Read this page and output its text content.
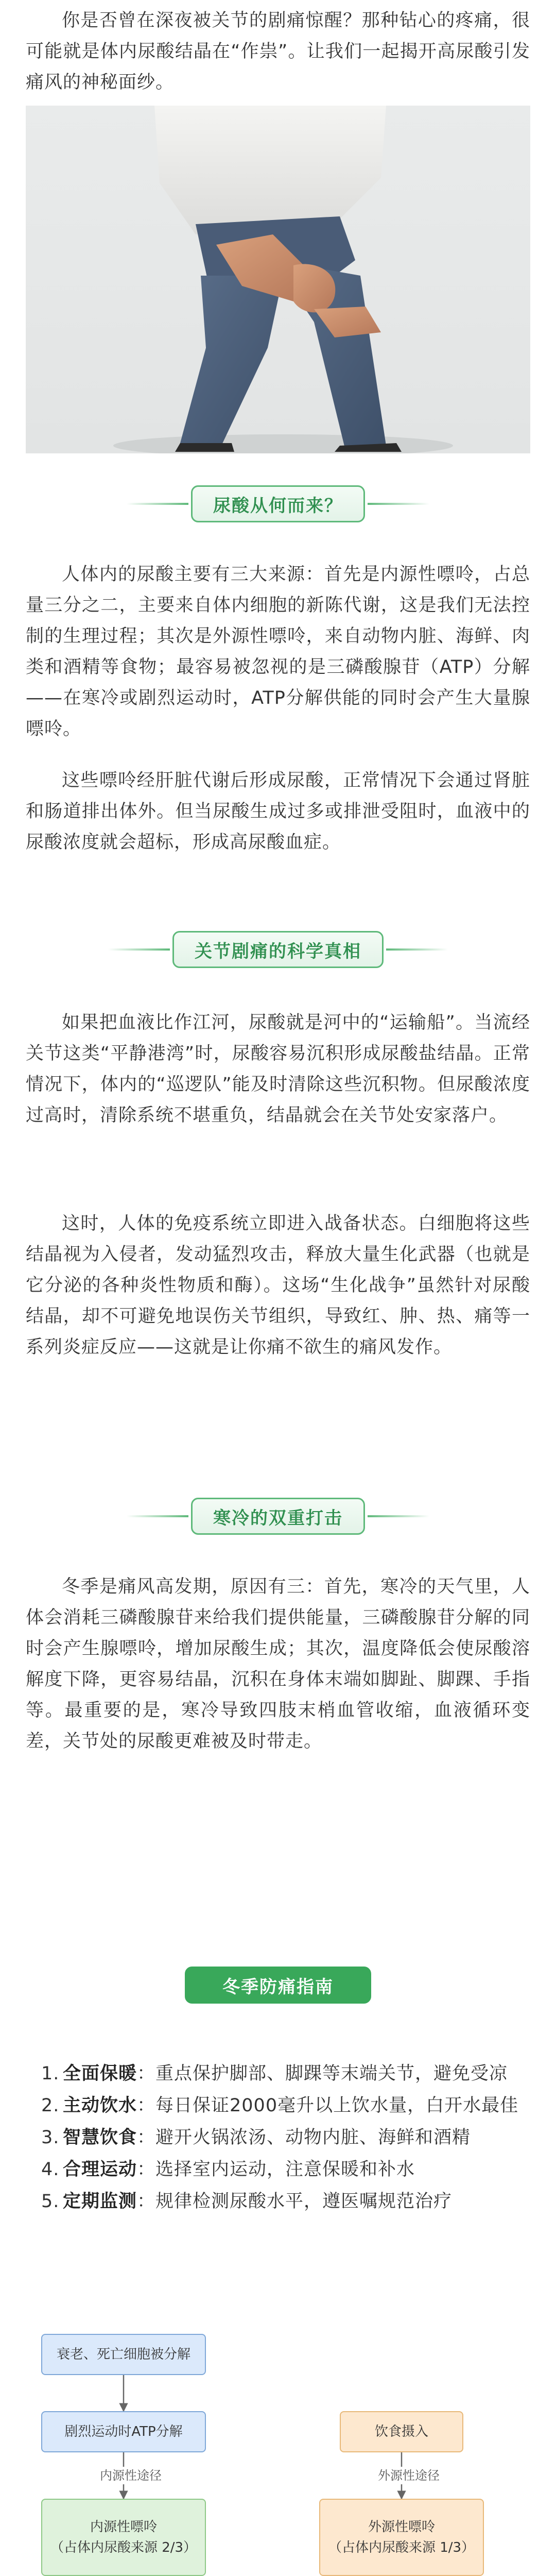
你是否曾在深夜被关节的剧痛惊醒？那种钻心的疼痛，很可能就是体内尿酸结晶在“作祟”。让我们一起揭开高尿酸引发痛风的神秘面纱。

尿酸从何而来？

人体内的尿酸主要有三大来源：首先是内源性嘌呤，占总量三分之二，主要来自体内细胞的新陈代谢，这是我们无法控制的生理过程；其次是外源性嘌呤，来自动物内脏、海鲜、肉类和酒精等食物；最容易被忽视的是三磷酸腺苷（ATP）分解——在寒冷或剧烈运动时，ATP分解供能的同时会产生大量腺嘌呤。

这些嘌呤经肝脏代谢后形成尿酸，正常情况下会通过肾脏和肠道排出体外。但当尿酸生成过多或排泄受阻时，血液中的尿酸浓度就会超标，形成高尿酸血症。

关节剧痛的科学真相

如果把血液比作江河，尿酸就是河中的“运输船”。当流经关节这类“平静港湾”时，尿酸容易沉积形成尿酸盐结晶。正常情况下，体内的“巡逻队”能及时清除这些沉积物。但尿酸浓度过高时，清除系统不堪重负，结晶就会在关节处安家落户。

这时，人体的免疫系统立即进入战备状态。白细胞将这些结晶视为入侵者，发动猛烈攻击，释放大量生化武器（也就是它分泌的各种炎性物质和酶）。这场“生化战争”虽然针对尿酸结晶，却不可避免地误伤关节组织，导致红、肿、热、痛等一系列炎症反应——这就是让你痛不欲生的痛风发作。

寒冷的双重打击

冬季是痛风高发期，原因有三：首先，寒冷的天气里，人体会消耗三磷酸腺苷来给我们提供能量，三磷酸腺苷分解的同时会产生腺嘌呤，增加尿酸生成；其次，温度降低会使尿酸溶解度下降，更容易结晶，沉积在身体末端如脚趾、脚踝、手指等。最重要的是，寒冷导致四肢末梢血管收缩，血液循环变差，关节处的尿酸更难被及时带走。

冬季防痛指南
1. 全面保暖：重点保护脚部、脚踝等末端关节，避免受凉
2. 主动饮水：每日保证2000毫升以上饮水量，白开水最佳
3. 智慧饮食：避开火锅浓汤、动物内脏、海鲜和酒精
4. 合理运动：选择室内运动，注意保暖和补水
5. 定期监测：规律检测尿酸水平，遵医嘱规范治疗
衰老、死亡细胞被分解
剧烈运动时ATP分解	饮食摄入
内源性途径	外源性途径
内源性嘌呤
（占体内尿酸来源 2/3）
外源性嘌呤
（占体内尿酸来源 1/3）
